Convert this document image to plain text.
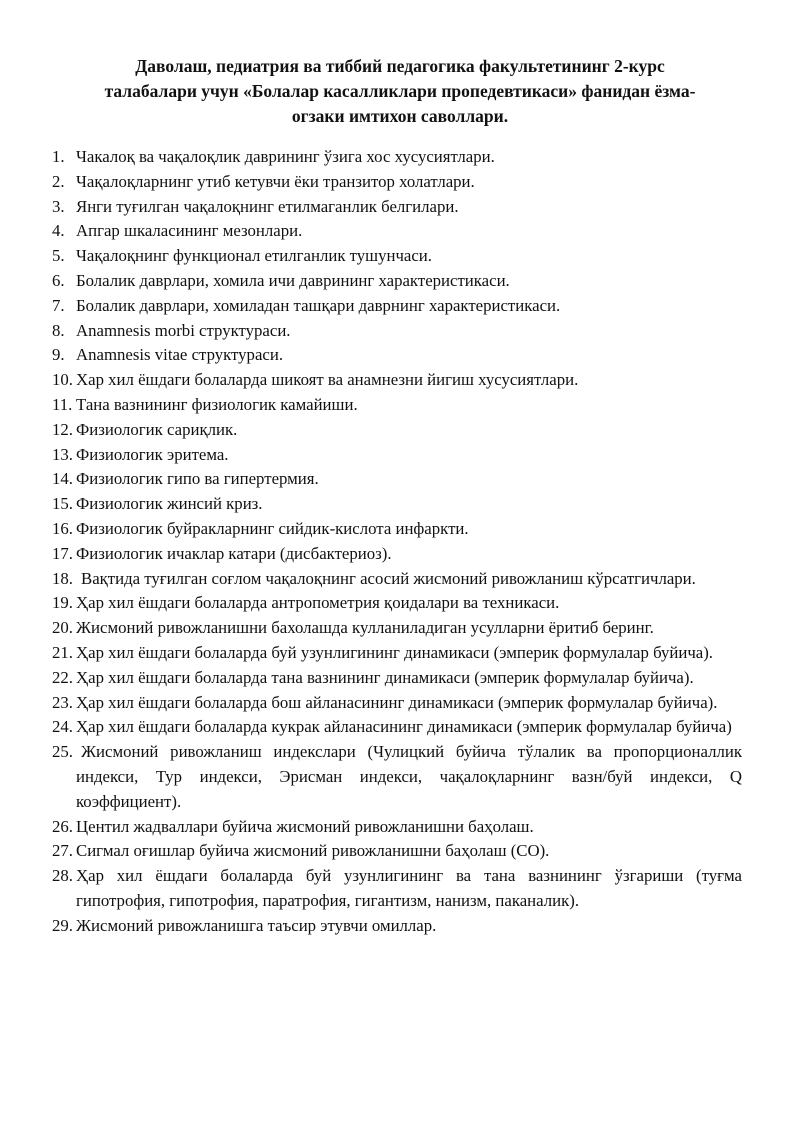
Даволаш, педиатрия ва тиббий педагогика факультетининг 2-курс
талабалари учун «Болалар касалликлари пропедевтикаси» фанидан ёзма-
огзаки имтихон саволлари.
1. Чакалоқ ва чақалоқлик даврининг ўзига хос хусусиятлари.
2. Чақалоқларнинг утиб кетувчи ёки транзитор холатлари.
3. Янги туғилган чақалоқнинг етилмаганлик белгилари.
4. Апгар шкаласининг мезонлари.
5. Чақалоқнинг функционал етилганлик тушунчаси.
6. Болалик даврлари, хомила ичи даврининг характеристикаси.
7. Болалик даврлари, хомиладан ташқари даврнинг характеристикаси.
8. Anamnesis morbi структураси.
9. Anamnesis vitae структураси.
10. Хар хил ёшдаги болаларда шикоят ва анамнезни йигиш хусусиятлари.
11. Тана вазнининг физиологик камайиши.
12. Физиологик сариқлик.
13. Физиологик эритема.
14. Физиологик гипо ва гипертермия.
15. Физиологик жинсий криз.
16. Физиологик буйракларнинг сийдик-кислота инфаркти.
17. Физиологик ичаклар катари (дисбактериоз).
18. Вақтида туғилган соғлом чақалоқнинг асосий жисмоний ривожланиш кўрсатгичлари.
19. Ҳар хил ёшдаги болаларда антропометрия қоидалари ва техникаси.
20. Жисмоний ривожланишни бахолашда кулланиладиган усулларни ёритиб беринг.
21. Ҳар хил ёшдаги болаларда буй узунлигининг динамикаси (эмперик формулалар буйича).
22. Ҳар хил ёшдаги болаларда тана вазнининг динамикаси (эмперик формулалар буйича).
23. Ҳар хил ёшдаги болаларда бош айланасининг динамикаси (эмперик формулалар буйича).
24. Ҳар хил ёшдаги болаларда кукрак айланасининг динамикаси (эмперик формулалар буйича)
25. Жисмоний ривожланиш индекслари (Чулицкий буйича тўлалик ва пропорционаллик индекси, Тур индекси, Эрисман индекси, чақалоқларнинг вазн/буй индекси, Q коэффициент).
26. Центил жадваллари буйича жисмоний ривожланишни баҳолаш.
27. Сигмал оғишлар буйича жисмоний ривожланишни баҳолаш (СО).
28. Ҳар хил ёшдаги болаларда буй узунлигининг ва тана вазнининг ўзгариши (туғма гипотрофия, гипотрофия, паратрофия, гигантизм, нанизм, паканалик).
29. Жисмоний ривожланишга таъсир этувчи омиллар.
